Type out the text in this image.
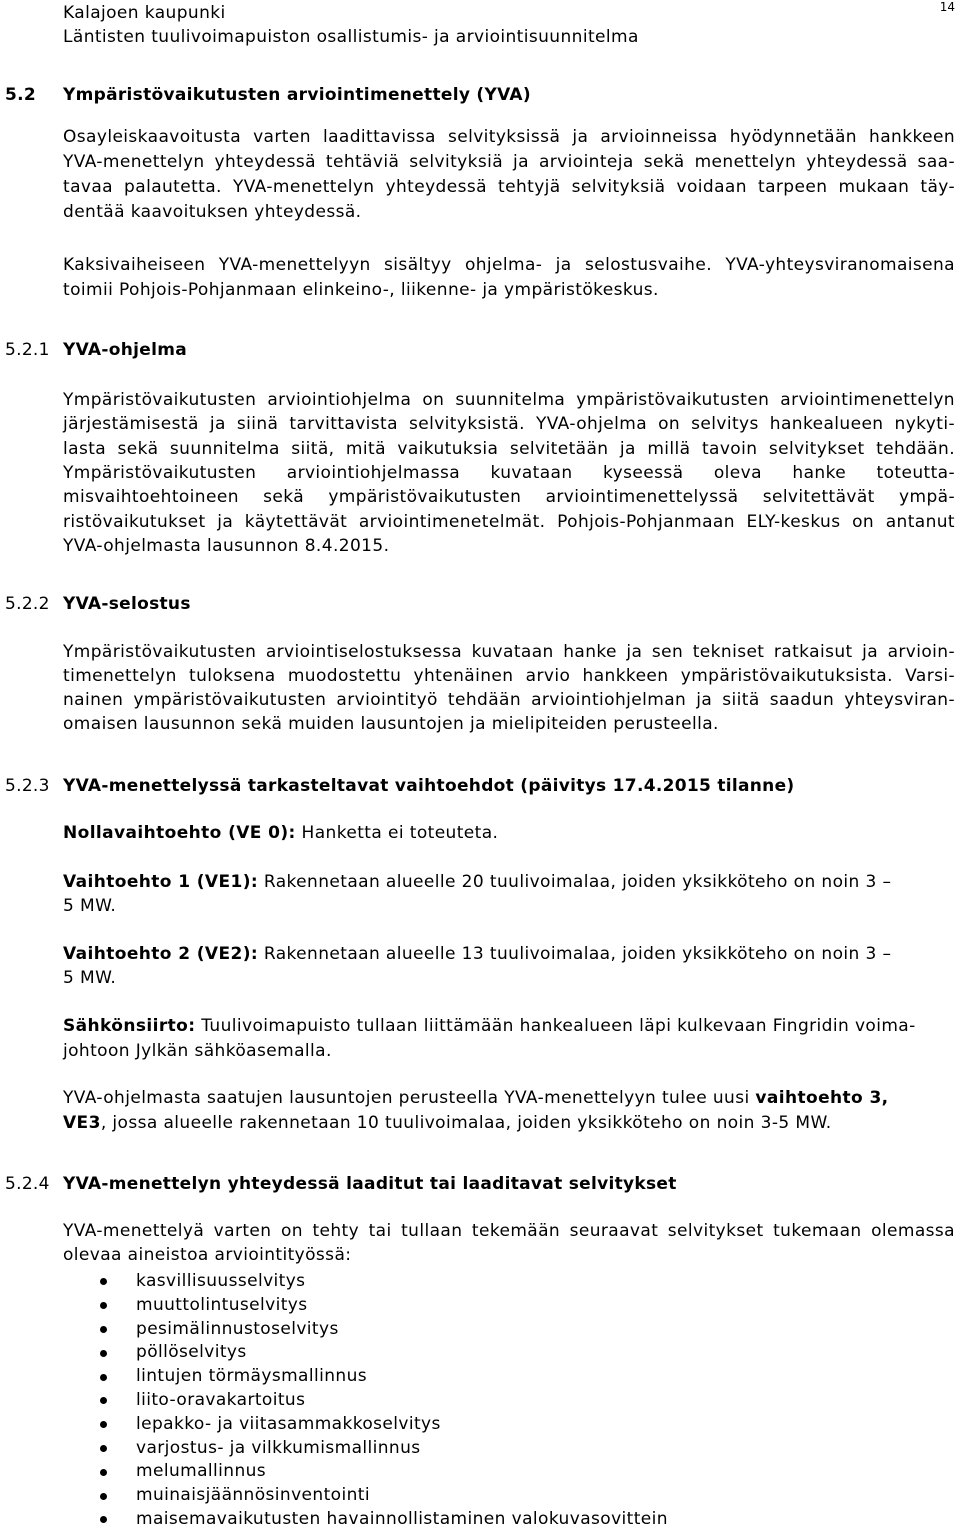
Kalajoen kaupunki
Läntisten tuulivoimapuiston osallistumis- ja arviointisuunnitelma
14
5.2 Ympäristövaikutusten arviointimenettely (YVA)
Osayleiskaavoitusta varten laadittavissa selvityksissä ja arvioinneissa hyödynnetään hankkeen
YVA-menettelyn yhteydessä tehtäviä selvityksiä ja arviointeja sekä menettelyn yhteydessä saa-
tavaa palautetta. YVA-menettelyn yhteydessä tehtyjä selvityksiä voidaan tarpeen mukaan täy-
dentää kaavoituksen yhteydessä.
Kaksivaiheiseen YVA-menettelyyn sisältyy ohjelma- ja selostusvaihe. YVA-yhteysviranomaisena
toimii Pohjois-Pohjanmaan elinkeino-, liikenne- ja ympäristökeskus.
5.2.1 YVA-ohjelma
Ympäristövaikutusten arviointiohjelma on suunnitelma ympäristövaikutusten arviointimenettelyn
järjestämisestä ja siinä tarvittavista selvityksistä. YVA-ohjelma on selvitys hankealueen nykyti-
lasta sekä suunnitelma siitä, mitä vaikutuksia selvitetään ja millä tavoin selvitykset tehdään.
Ympäristövaikutusten arviointiohjelmassa kuvataan kyseessä oleva hanke toteutta-
misvaihtoehtoineen sekä ympäristövaikutusten arviointimenettelyssä selvitettävät ympä-
ristövaikutukset ja käytettävät arviointimenetelmät. Pohjois-Pohjanmaan ELY-keskus on antanut
YVA-ohjelmasta lausunnon 8.4.2015.
5.2.2 YVA-selostus
Ympäristövaikutusten arviointiselostuksessa kuvataan hanke ja sen tekniset ratkaisut ja arvioin-
timenettelyn tuloksena muodostettu yhtenäinen arvio hankkeen ympäristövaikutuksista. Varsi-
nainen ympäristövaikutusten arviointityö tehdään arviointiohjelman ja siitä saadun yhteysviran-
omaisen lausunnon sekä muiden lausuntojen ja mielipiteiden perusteella.
5.2.3 YVA-menettelyssä tarkasteltavat vaihtoehdot (päivitys 17.4.2015 tilanne)
Nollavaihtoehto (VE 0): Hanketta ei toteuteta.
Vaihtoehto 1 (VE1): Rakennetaan alueelle 20 tuulivoimalaa, joiden yksikköteho on noin 3 –
5 MW.
Vaihtoehto 2 (VE2): Rakennetaan alueelle 13 tuulivoimalaa, joiden yksikköteho on noin 3 –
5 MW.
Sähkönsiirto: Tuulivoimapuisto tullaan liittämään hankealueen läpi kulkevaan Fingridin voima-
johtoon Jylkän sähköasemalla.
YVA-ohjelmasta saatujen lausuntojen perusteella YVA-menettelyyn tulee uusi vaihtoehto 3,
VE3, jossa alueelle rakennetaan 10 tuulivoimalaa, joiden yksikköteho on noin 3-5 MW.
5.2.4 YVA-menettelyn yhteydessä laaditut tai laaditavat selvitykset
YVA-menettelyä varten on tehty tai tullaan tekemään seuraavat selvitykset tukemaan olemassa
olevaa aineistoa arviointityössä:
kasvillisuusselvitys
muuttolintuselvitys
pesimälinnustoselvitys
pöllöselvitys
lintujen törmäysmallinnus
liito-oravakartoitus
lepakko- ja viitasammakkoselvitys
varjostus- ja vilkkumismallinnus
melumallinnus
muinaisjäännösinventointi
maisemavaikutusten havainnollistaminen valokuvasovittein
